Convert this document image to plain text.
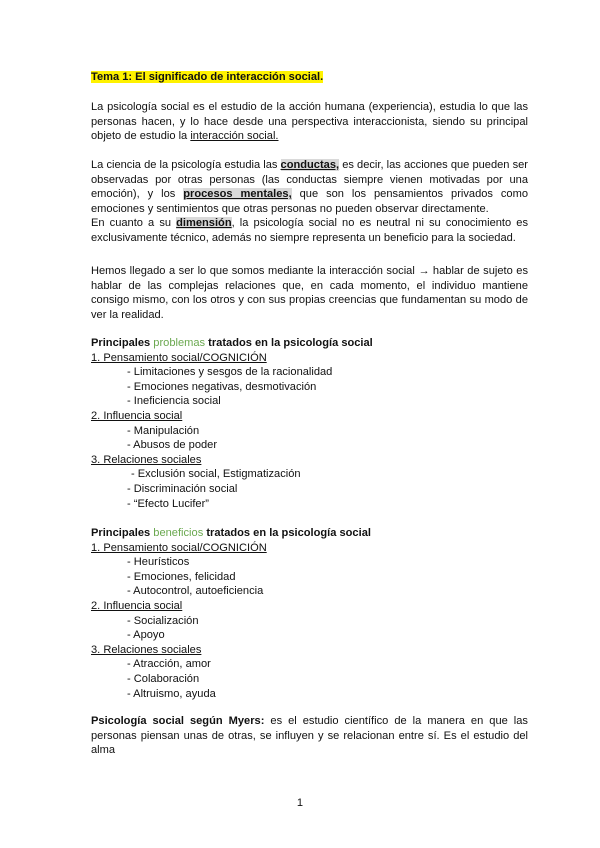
Tema 1: El significado de interacción social.

La psicología social es el estudio de la acción humana (experiencia), estudia lo que las personas hacen, y lo hace desde una perspectiva interaccionista, siendo su principal objeto de estudio la interacción social.

La ciencia de la psicología estudia las conductas, es decir, las acciones que pueden ser observadas por otras personas (las conductas siempre vienen motivadas por una emoción), y los procesos mentales, que son los pensamientos privados como emociones y sentimientos que otras personas no pueden observar directamente.

En cuanto a su dimensión, la psicología social no es neutral ni su conocimiento es exclusivamente técnico, además no siempre representa un beneficio para la sociedad.

Hemos llegado a ser lo que somos mediante la interacción social → hablar de sujeto es hablar de las complejas relaciones que, en cada momento, el individuo mantiene consigo mismo, con los otros y con sus propias creencias que fundamentan su modo de ver la realidad.

Principales problemas tratados en la psicología social

1. Pensamiento social/COGNICIÓN

- Limitaciones y sesgos de la racionalidad

- Emociones negativas, desmotivación

- Ineficiencia social

2. Influencia social

- Manipulación

- Abusos de poder

3. Relaciones sociales

- Exclusión social, Estigmatización

- Discriminación social

- “Efecto Lucifer”

Principales beneficios tratados en la psicología social

1. Pensamiento social/COGNICIÓN

- Heurísticos

- Emociones, felicidad

- Autocontrol, autoeficiencia

2. Influencia social

- Socialización

- Apoyo

3. Relaciones sociales

- Atracción, amor

- Colaboración

- Altruismo, ayuda

Psicología social según Myers: es el estudio científico de la manera en que las personas piensan unas de otras, se influyen y se relacionan entre sí. Es el estudio del alma

1
